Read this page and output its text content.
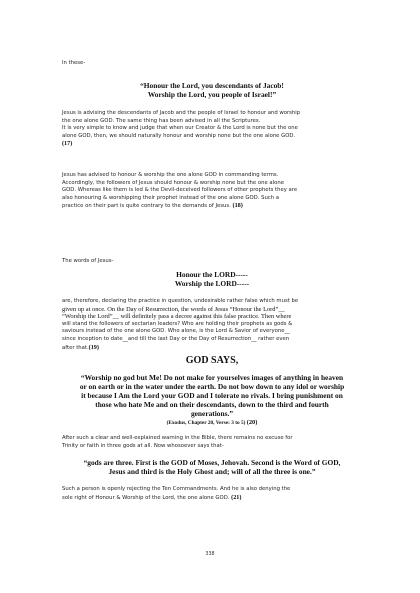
In these-
“Honour the Lord, you descendants of Jacob!
Worship the Lord, you people of Israel!”
Jesus is advising the descendants of Jacob and the people of Israel to honour and worship
the one alone GOD. The same thing has been advised in all the Scriptures.
It is very simple to know and judge that when our Creator & the Lord is none but the one
alone GOD, then, we should naturally honour and worship none but the one alone GOD.
(17)
Jesus has advised to honour & worship the one alone GOD in commanding terms.
Accordingly, the followers of Jesus should honour & worship none but the one alone
GOD. Whereas like them is led & the Devil-deceived followers of other prophets they are
also honouring & worshipping their prophet instead of the one alone GOD. Such a
practice on their part is quite contrary to the demands of Jesus. (18)
The words of Jesus-
Honour the LORD-----
Worship the LORD-----
are, therefore, declaring the practice in question, undesirable rather false which must be
given up at once. On the Day of Resurrection, the words of Jesus “Honour the Lord”__
“Worship the Lord”__ will definitely pass a decree against this false practice. Then where
will stand the followers of sectarian leaders? Who are holding their prophets as gods &
saviours instead of the one alone GOD. Who alone, is the Lord & Savior of everyone__
since inception to date__and till the last Day or the Day of Resurrection__ rather even
after that.(19)
GOD SAYS,
“Worship no god but Me! Do not make for yourselves images of anything in heaven
or on earth or in the water under the earth. Do not bow down to any idol or worship
it because I Am the Lord your GOD and I tolerate no rivals. I bring punishment on
those who hate Me and on their descendants, down to the third and fourth
generations.”
(Exodus, Chapter 20, Verse: 3 to 5) (20)
After such a clear and well-explained warning in the Bible, there remains no excuse for
Trinity or faith in three gods at all. Now whosoever says that-
“gods are three. First is the GOD of Moses, Jehovah. Second is the Word of GOD,
Jesus and third is the Holy Ghost and; will of all the three is one.”
Such a person is openly rejecting the Ten Commandments. And he is also denying the
sole right of Honour & Worship of the Lord, the one alone GOD. (21)
338
